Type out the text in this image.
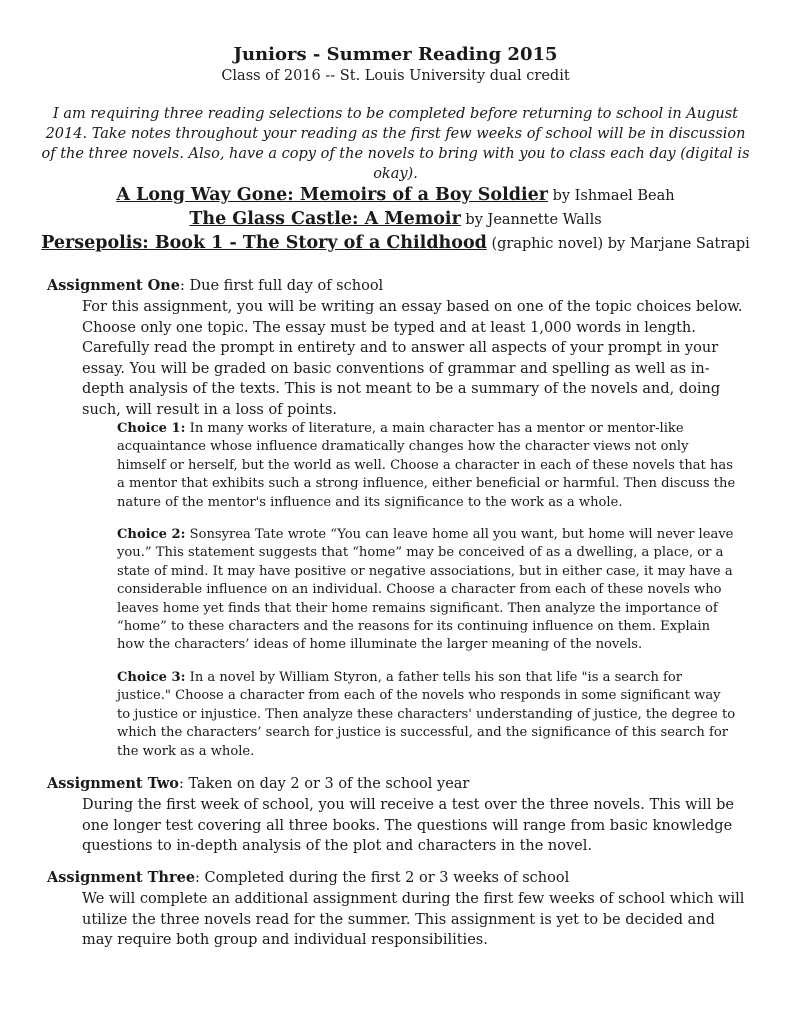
Juniors - Summer Reading 2015
Class of 2016 -- St. Louis University dual credit
I am requiring three reading selections to be completed before returning to school in August 2014. Take notes throughout your reading as the first few weeks of school will be in discussion of the three novels. Also, have a copy of the novels to bring with you to class each day (digital is okay).
A Long Way Gone: Memoirs of a Boy Soldier by Ishmael Beah
The Glass Castle: A Memoir by Jeannette Walls
Persepolis: Book 1 - The Story of a Childhood (graphic novel) by Marjane Satrapi
Assignment One: Due first full day of school
For this assignment, you will be writing an essay based on one of the topic choices below. Choose only one topic. The essay must be typed and at least 1,000 words in length. Carefully read the prompt in entirety and to answer all aspects of your prompt in your essay. You will be graded on basic conventions of grammar and spelling as well as in-depth analysis of the texts. This is not meant to be a summary of the novels and, doing such, will result in a loss of points.
Choice 1: In many works of literature, a main character has a mentor or mentor-like acquaintance whose influence dramatically changes how the character views not only himself or herself, but the world as well. Choose a character in each of these novels that has a mentor that exhibits such a strong influence, either beneficial or harmful. Then discuss the nature of the mentor's influence and its significance to the work as a whole.
Choice 2: Sonsyrea Tate wrote “You can leave home all you want, but home will never leave you.” This statement suggests that “home” may be conceived of as a dwelling, a place, or a state of mind. It may have positive or negative associations, but in either case, it may have a considerable influence on an individual. Choose a character from each of these novels who leaves home yet finds that their home remains significant. Then analyze the importance of “home” to these characters and the reasons for its continuing influence on them. Explain how the characters’ ideas of home illuminate the larger meaning of the novels.
Choice 3: In a novel by William Styron, a father tells his son that life "is a search for justice." Choose a character from each of the novels who responds in some significant way to justice or injustice. Then analyze these characters' understanding of justice, the degree to which the characters’ search for justice is successful, and the significance of this search for the work as a whole.
Assignment Two: Taken on day 2 or 3 of the school year
During the first week of school, you will receive a test over the three novels. This will be one longer test covering all three books. The questions will range from basic knowledge questions to in-depth analysis of the plot and characters in the novel.
Assignment Three: Completed during the first 2 or 3 weeks of school
We will complete an additional assignment during the first few weeks of school which will utilize the three novels read for the summer. This assignment is yet to be decided and may require both group and individual responsibilities.
